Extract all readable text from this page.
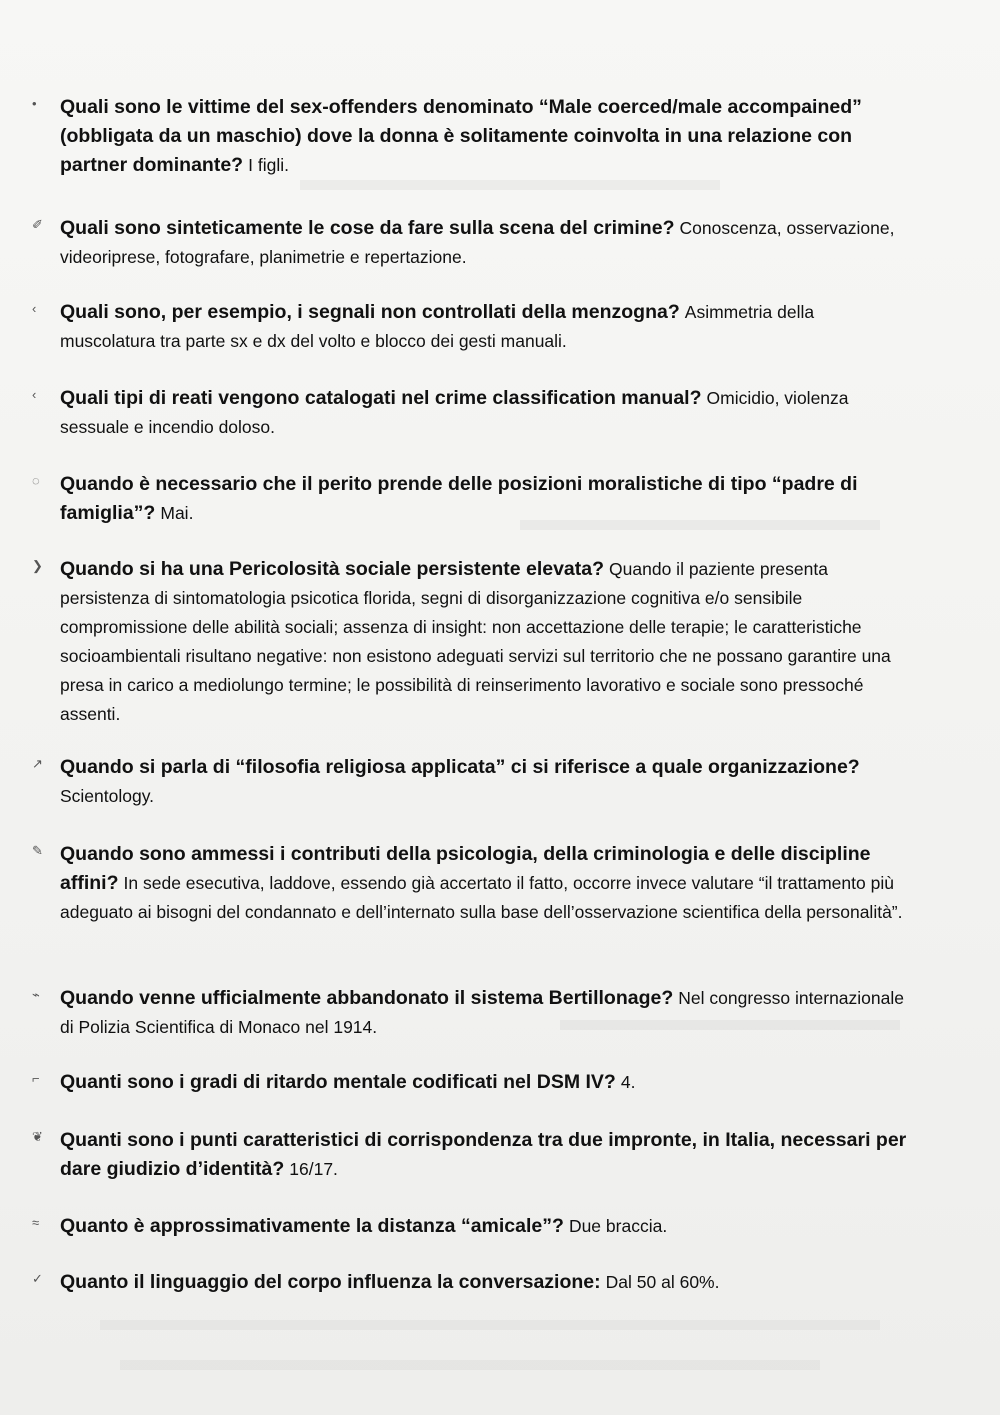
•	Quali sono le vittime del sex-offenders denominato “Male coerced/male accompained” (obbligata da un maschio) dove la donna è solitamente coinvolta in una relazione con partner dominante? I figli.
✐ Quali sono sinteticamente le cose da fare sulla scena del crimine? Conoscenza, osservazione, videoriprese, fotografare, planimetrie e repertazione.
‹	Quali sono, per esempio, i segnali non controllati della menzogna? Asimmetria della muscolatura tra parte sx e dx del volto e blocco dei gesti manuali.
‹	Quali tipi di reati vengono catalogati nel crime classification manual? Omicidio, violenza sessuale e incendio doloso.
◌	Quando è necessario che il perito prende delle posizioni moralistiche di tipo “padre di famiglia”? Mai.
❯ Quando si ha una Pericolosità sociale persistente elevata? Quando il paziente presenta persistenza di sintomatologia psicotica florida, segni di disorganizzazione cognitiva e/o sensibile compromissione delle abilità sociali; assenza di insight: non accettazione delle terapie; le caratteristiche socioambientali risultano negative: non esistono adeguati servizi sul territorio che ne possano garantire una presa in carico a mediolungo termine; le possibilità di reinserimento lavorativo e sociale sono pressoché assenti.
↗ Quando si parla di “filosofia religiosa applicata” ci si riferisce a quale organizzazione? Scientology.
✎ Quando sono ammessi i contributi della psicologia, della criminologia e delle discipline affini? In sede esecutiva, laddove, essendo già accertato il fatto, occorre invece valutare “il trattamento più adeguato ai bisogni del condannato e dell’internato sulla base dell’osservazione scientifica della personalità”.
⌁	Quando venne ufficialmente abbandonato il sistema Bertillonage? Nel congresso internazionale di Polizia Scientifica di Monaco nel 1914.
⌐	Quanti sono i gradi di ritardo mentale codificati nel DSM IV? 4.
❦ Quanti sono i punti caratteristici di corrispondenza tra due impronte, in Italia, necessari per dare giudizio d’identità? 16/17.
≈	Quanto è approssimativamente la distanza “amicale”? Due braccia.
✓ Quanto il linguaggio del corpo influenza la conversazione: Dal 50 al 60%.
